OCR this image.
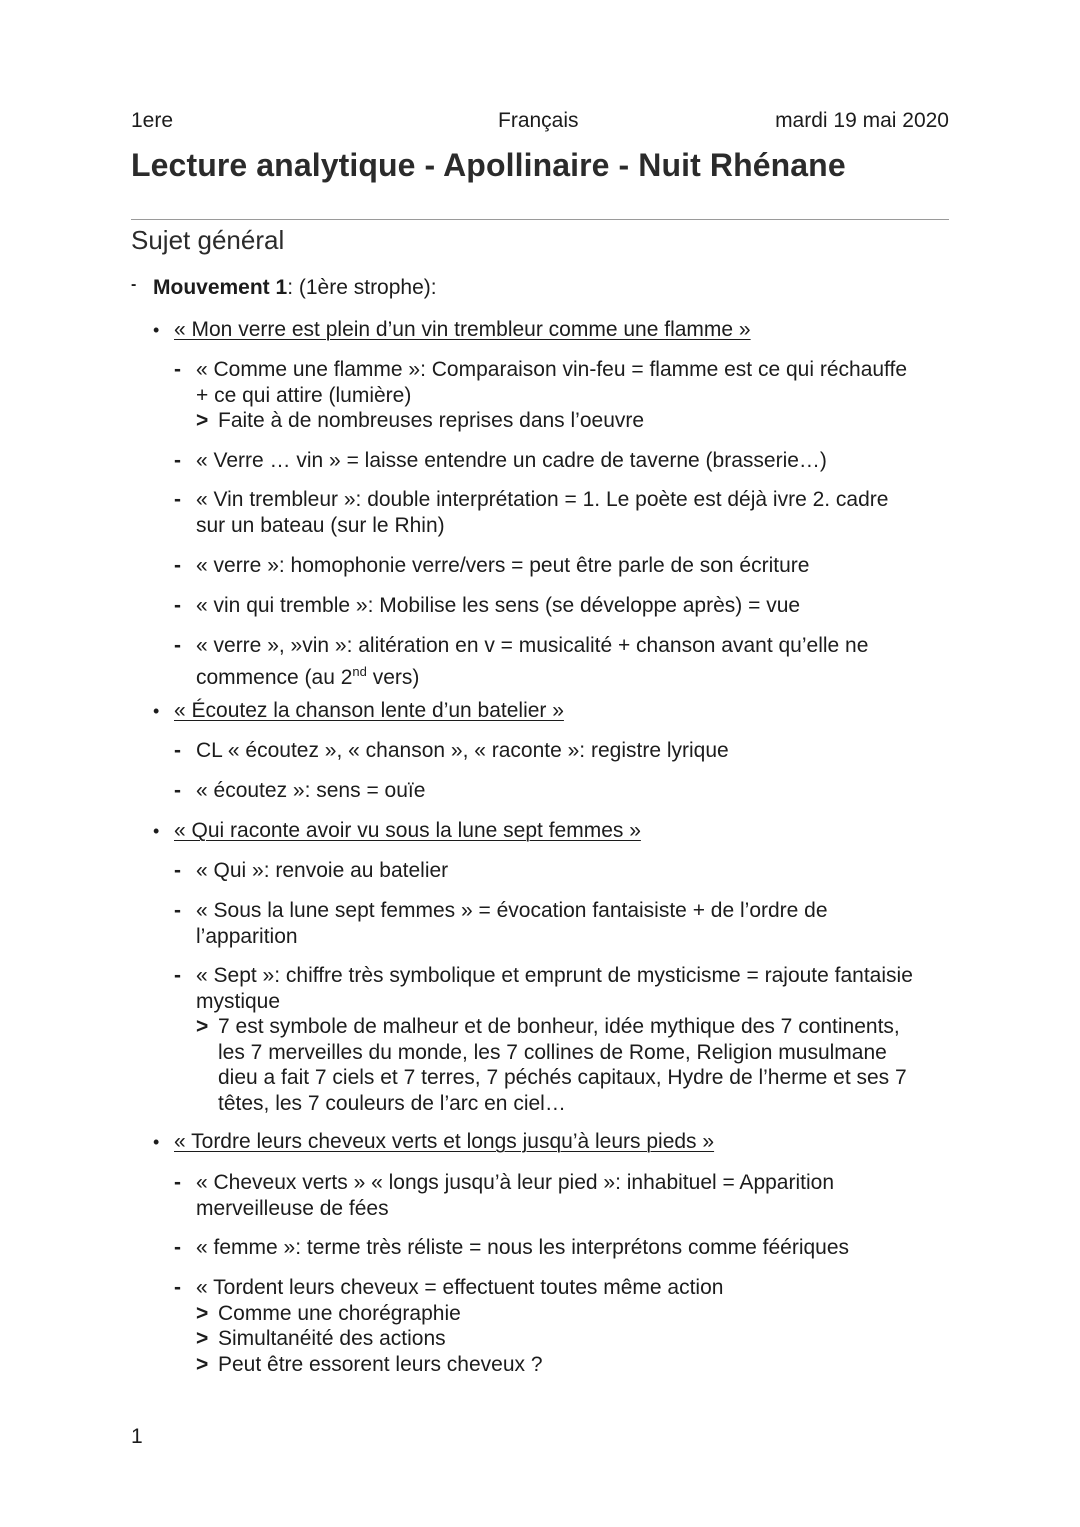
1ere	Français	mardi 19 mai 2020
Lecture analytique - Apollinaire - Nuit Rhénane
Sujet général
- Mouvement 1: (1ère strophe):
• « Mon verre est plein d’un vin trembleur comme une flamme »
- « Comme une flamme »: Comparaison vin-feu = flamme est ce qui réchauffe
+ ce qui attire (lumière)
> Faite à de nombreuses reprises dans l’oeuvre
- « Verre … vin » = laisse entendre un cadre de taverne (brasserie…)
- « Vin trembleur »: double interprétation = 1. Le poète est déjà ivre 2. cadre
sur un bateau (sur le Rhin)
- « verre »: homophonie verre/vers = peut être parle de son écriture
- « vin qui tremble »: Mobilise les sens (se développe après) = vue
- « verre », »vin »: alitération en v = musicalité + chanson avant qu’elle ne
commence (au 2nd vers)
• « Écoutez la chanson lente d’un batelier »
- CL « écoutez », « chanson », « raconte »: registre lyrique
- « écoutez »: sens = ouïe
• « Qui raconte avoir vu sous la lune sept femmes »
- « Qui »: renvoie au batelier
- « Sous la lune sept femmes » = évocation fantaisiste + de l’ordre de
l’apparition
- « Sept »: chiffre très symbolique et emprunt de mysticisme = rajoute fantaisie
mystique
> 7 est symbole de malheur et de bonheur, idée mythique des 7 continents,
les 7 merveilles du monde, les 7 collines de Rome, Religion musulmane
dieu a fait 7 ciels et 7 terres, 7 péchés capitaux, Hydre de l’herme et ses 7
têtes, les 7 couleurs de l’arc en ciel…
• « Tordre leurs cheveux verts et longs jusqu’à leurs pieds »
- « Cheveux verts » « longs jusqu’à leur pied »: inhabituel = Apparition
merveilleuse de fées
- « femme »: terme très réliste = nous les interprétons comme féériques
- « Tordent leurs cheveux = effectuent toutes même action
> Comme une chorégraphie
> Simultanéité des actions
> Peut être essorent leurs cheveux ?
1
